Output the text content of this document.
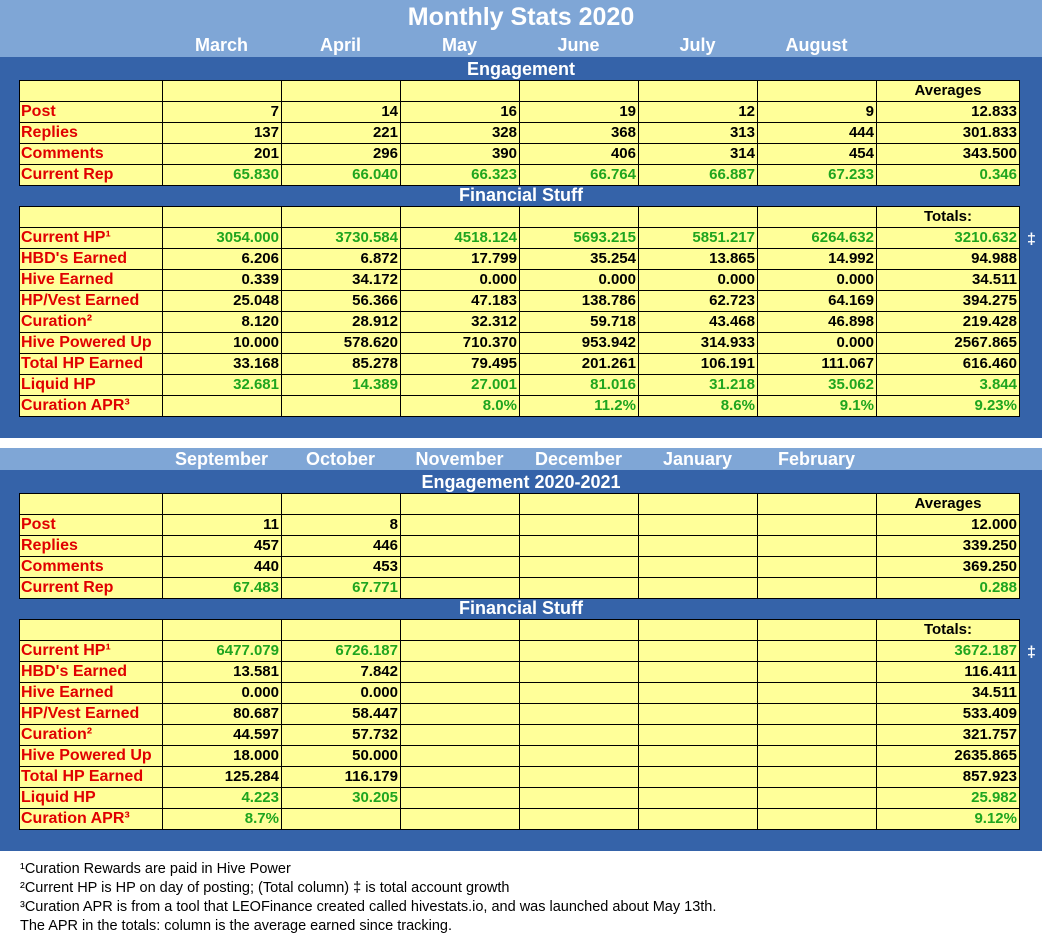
Monthly Stats 2020
March	April	May	June	July	August
Engagement
							Averages
Post	7	14	16	19	12	9	12.833
Replies	137	221	328	368	313	444	301.833
Comments	201	296	390	406	314	454	343.500
Current Rep	65.830	66.040	66.323	66.764	66.887	67.233	0.346
Financial Stuff
							Totals:
Current HP¹	3054.000	3730.584	4518.124	5693.215	5851.217	6264.632	3210.632
HBD's Earned	6.206	6.872	17.799	35.254	13.865	14.992	94.988
Hive Earned	0.339	34.172	0.000	0.000	0.000	0.000	34.511
HP/Vest Earned	25.048	56.366	47.183	138.786	62.723	64.169	394.275
Curation²	8.120	28.912	32.312	59.718	43.468	46.898	219.428
Hive Powered Up	10.000	578.620	710.370	953.942	314.933	0.000	2567.865
Total HP Earned	33.168	85.278	79.495	201.261	106.191	111.067	616.460
Liquid HP	32.681	14.389	27.001	81.016	31.218	35.062	3.844
Curation APR³			8.0%	11.2%	8.6%	9.1%	9.23%
‡
September	October	November	December	January	February
Engagement 2020-2021
							Averages
Post	11	8					12.000
Replies	457	446					339.250
Comments	440	453					369.250
Current Rep	67.483	67.771					0.288
Financial Stuff
							Totals:
Current HP¹	6477.079	6726.187					3672.187
HBD's Earned	13.581	7.842					116.411
Hive Earned	0.000	0.000					34.511
HP/Vest Earned	80.687	58.447					533.409
Curation²	44.597	57.732					321.757
Hive Powered Up	18.000	50.000					2635.865
Total HP Earned	125.284	116.179					857.923
Liquid HP	4.223	30.205					25.982
Curation APR³	8.7%						9.12%
‡
¹Curation Rewards are paid in Hive Power
²Current HP is HP on day of posting; (Total column) ‡ is total account growth
³Curation APR is from a tool that LEOFinance created called hivestats.io, and was launched about May 13th.
The APR in the totals: column is the average earned since tracking.
